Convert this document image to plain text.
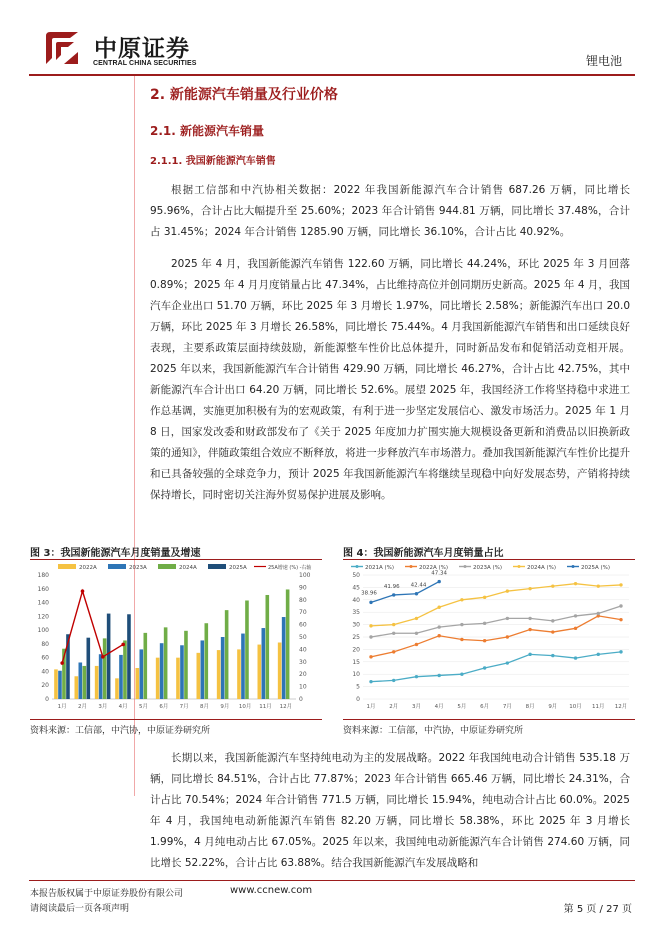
中原证券
CENTRAL CHINA SECURITIES	锂电池
2. 新能源汽车销量及行业价格
2.1. 新能源汽车销量
2.1.1. 我国新能源汽车销售

根据工信部和中汽协相关数据：2022 年我国新能源汽车合计销售 687.26 万辆，同比增长 95.96%，合计占比大幅提升至 25.60%；2023 年合计销售 944.81 万辆，同比增长 37.48%，合计占 31.45%；2024 年合计销售 1285.90 万辆，同比增长 36.10%，合计占比 40.92%。

2025 年 4 月，我国新能源汽车销售 122.60 万辆，同比增长 44.24%，环比 2025 年 3 月回落 0.89%；2025 年 4 月月度销量占比 47.34%，占比维持高位并创同期历史新高。2025 年 4 月，我国汽车企业出口 51.70 万辆，环比 2025 年 3 月增长 1.97%，同比增长 2.58%；新能源汽车出口 20.0 万辆，环比 2025 年 3 月增长 26.58%，同比增长 75.44%。4 月我国新能源汽车销售和出口延续良好表现，主要系政策层面持续鼓励，新能源整车性价比总体提升，同时新品发布和促销活动竞相开展。2025 年以来，我国新能源汽车合计销售 429.90 万辆，同比增长 46.27%，合计占比 42.75%，其中新能源汽车合计出口 64.20 万辆，同比增长 52.6%。展望 2025 年，我国经济工作将坚持稳中求进工作总基调，实施更加积极有为的宏观政策，有利于进一步坚定发展信心、激发市场活力。2025 年 1 月 8 日，国家发改委和财政部发布了《关于 2025 年度加力扩围实施大规模设备更新和消费品以旧换新政策的通知》，伴随政策组合效应不断释放，将进一步释放汽车市场潜力。叠加我国新能源汽车性价比提升和已具备较强的全球竞争力，预计 2025 年我国新能源汽车将继续呈现稳中向好发展态势，产销将持续保持增长，同时密切关注海外贸易保护进展及影响。

图 3：我国新能源汽车月度销量及增速
2022A	2023A	2024A	2025A	25A增速 (%) -右轴
0
20
40
60
80
100
120
140
160
180
0
10
20
30
40
50
60
70
80
90
100
1月 2月 3月 4月 5月 6月 7月 8月 9月 10月 11月 12月
资料来源：工信部，中汽协，中原证券研究所
图 4：我国新能源汽车月度销量占比
2021A (%)	2022A (%)	2023A (%)	2024A (%)	2025A (%)
0
5
10
15
20
25
30
35
40
45
50
1月 2月 3月 4月 5月 6月 7月 8月 9月 10月 11月 12月
38.96
41.96 42.44
47.34
资料来源：工信部，中汽协，中原证券研究所

长期以来，我国新能源汽车坚持纯电动为主的发展战略。2022 年我国纯电动合计销售 535.18 万辆，同比增长 84.51%，合计占比 77.87%；2023 年合计销售 665.46 万辆，同比增长 24.31%，合计占比 70.54%；2024 年合计销售 771.5 万辆，同比增长 15.94%，纯电动合计占比 60.0%。2025 年 4 月，我国纯电动新能源汽车销售 82.20 万辆，同比增长 58.38%，环比 2025 年 3 月增长 1.99%，4 月纯电动占比 67.05%。2025 年以来，我国纯电动新能源汽车合计销售 274.60 万辆，同比增长 52.22%，合计占比 63.88%。结合我国新能源汽车发展战略和

本报告版权属于中原证券股份有限公司	www.ccnew.com
请阅读最后一页各项声明	第 5 页 / 27 页
